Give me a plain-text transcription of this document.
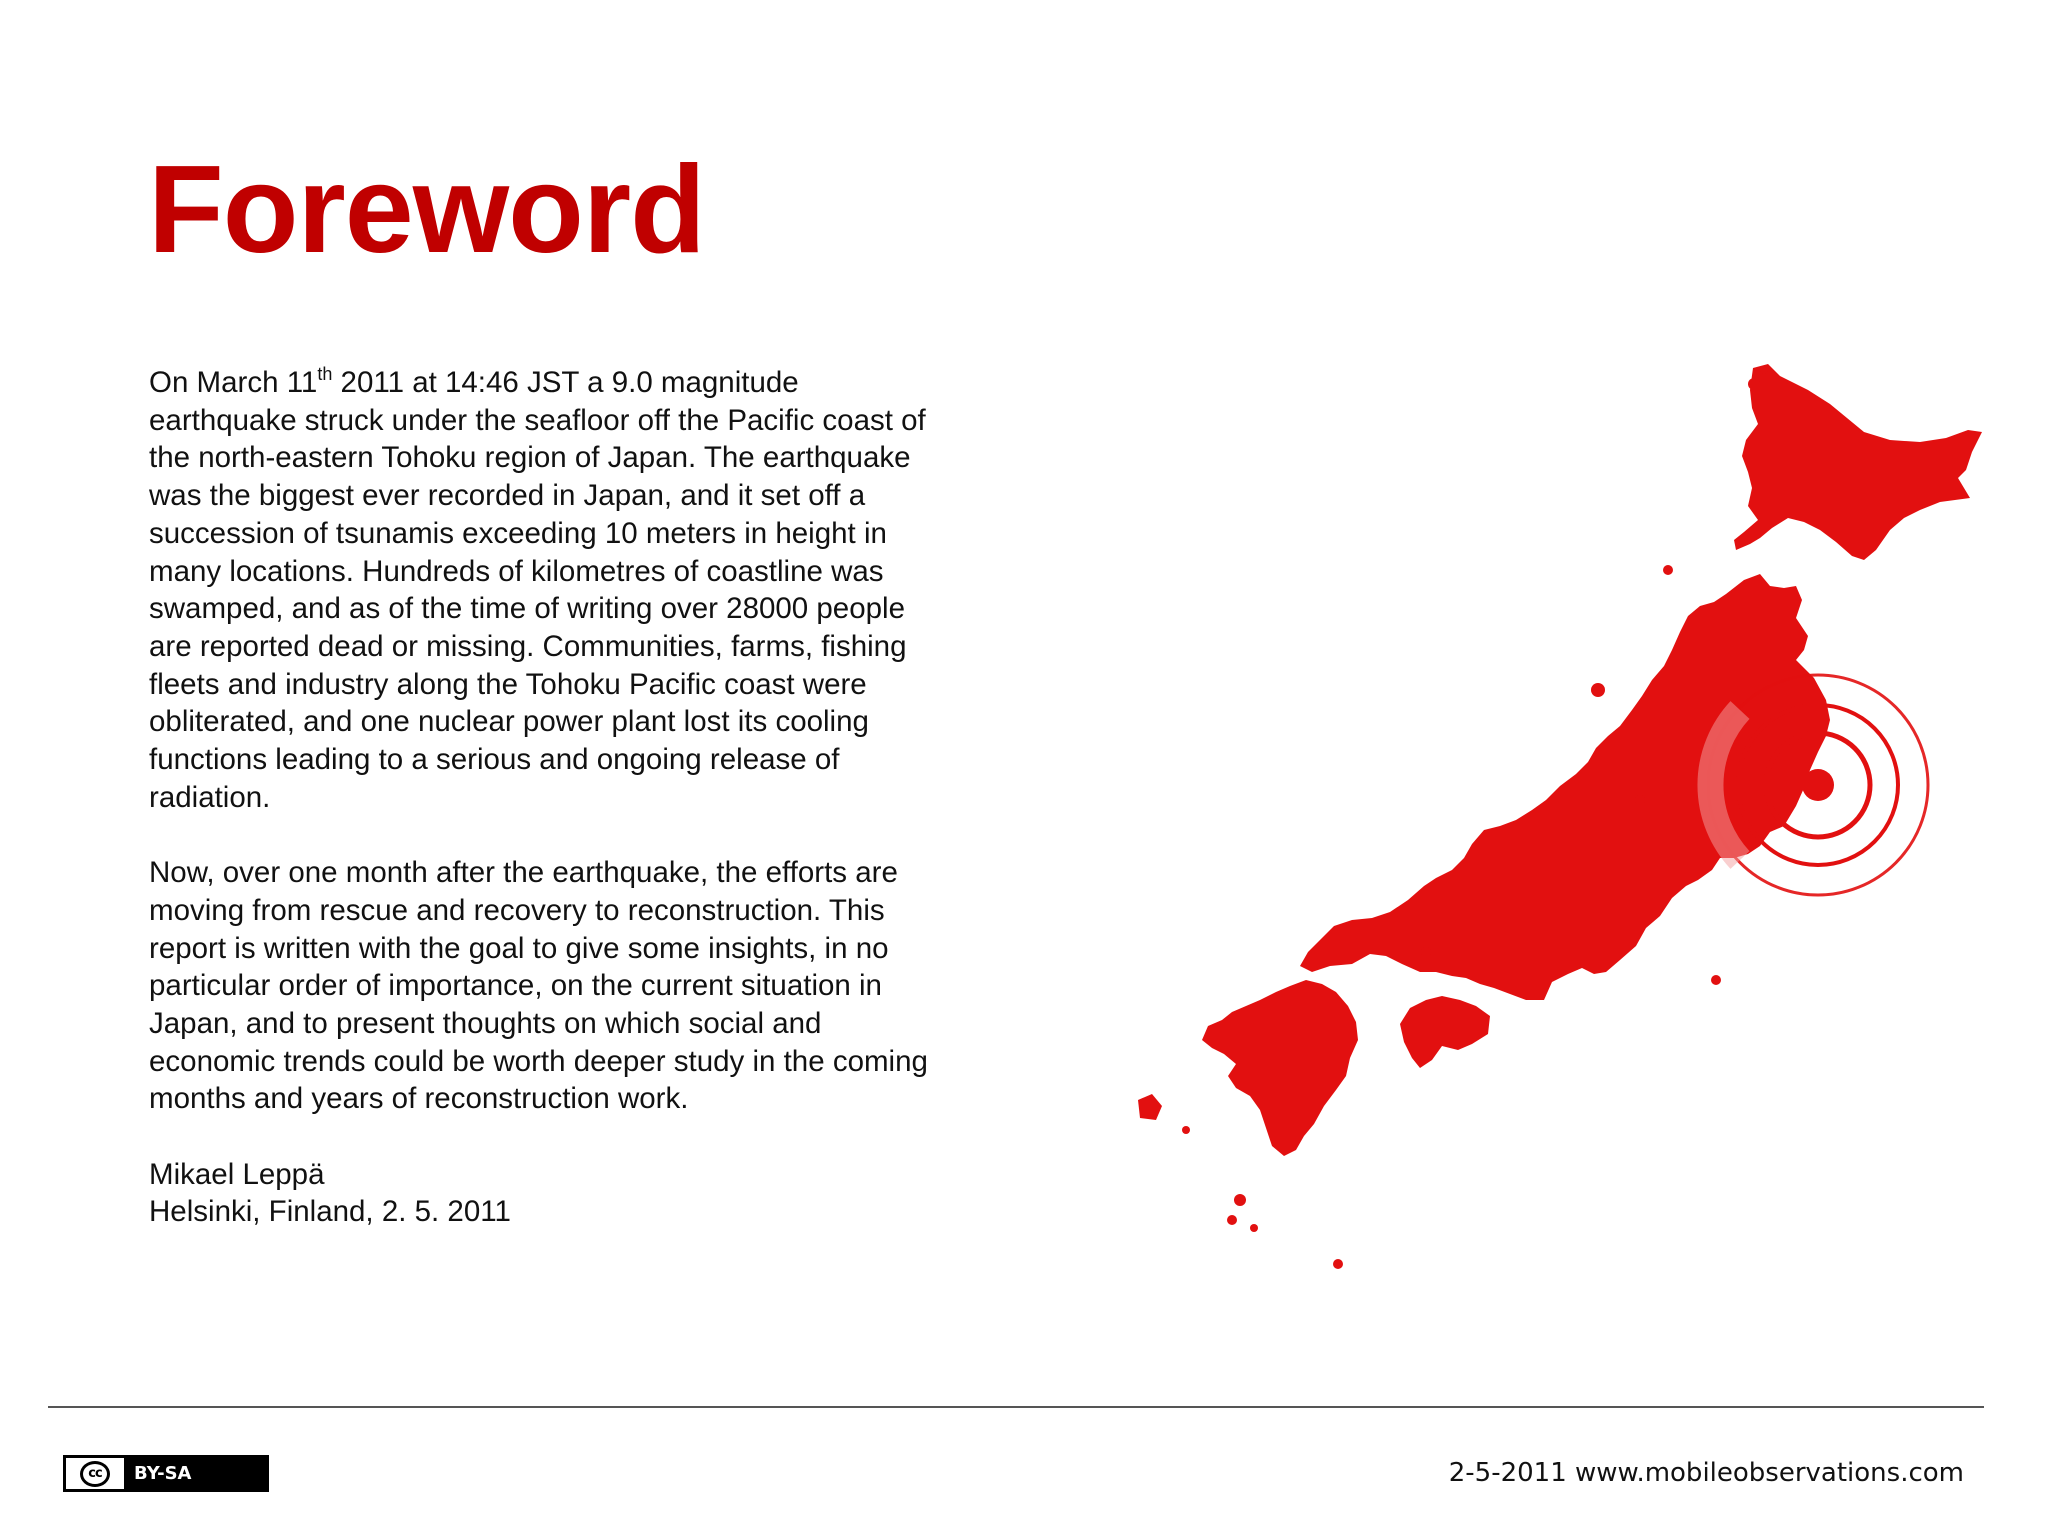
Foreword

On March 11th 2011 at 14:46 JST a 9.0 magnitude earthquake struck under the seafloor off the Pacific coast of the north-eastern Tohoku region of Japan. The earthquake was the biggest ever recorded in Japan, and it set off a succession of tsunamis exceeding 10 meters in height in many locations. Hundreds of kilometres of coastline was swamped, and as of the time of writing over 28000 people are reported dead or missing. Communities, farms, fishing fleets and industry along the Tohoku Pacific coast were obliterated, and one nuclear power plant lost its cooling functions leading to a serious and ongoing release of radiation.

Now, over one month after the earthquake, the efforts are moving from rescue and recovery to reconstruction. This report is written with the goal to give some insights, in no particular order of importance, on the current situation in Japan, and to present thoughts on which social and economic trends could be worth deeper study in the coming months and years of reconstruction work.

Mikael Leppä
Helsinki, Finland, 2. 5. 2011

cc	BY-SA	2-5-2011 www.mobileobservations.com
